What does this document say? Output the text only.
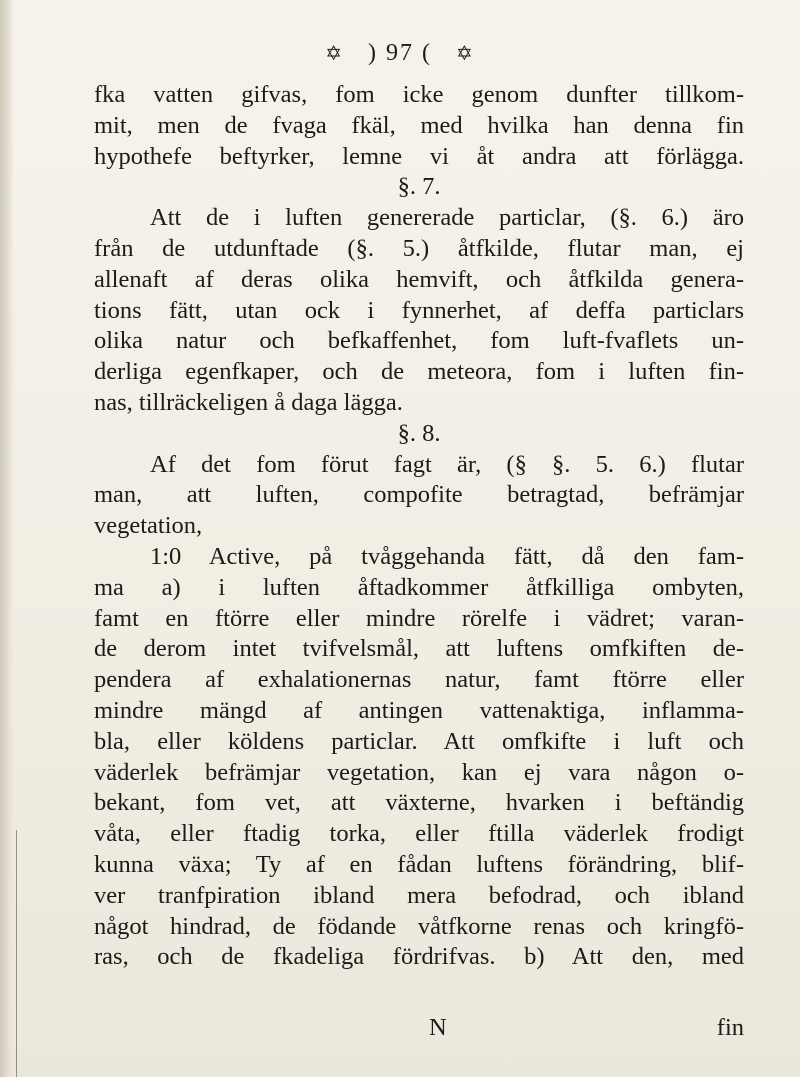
✡ ) 97 ( ✡
fka vatten gifvas, fom icke genom dunfter tillkom-
mit, men de fvaga fkäl, med hvilka han denna fin
hypothefe beftyrker, lemne vi åt andra att förlägga.
§. 7.
Att de i luften genererade particlar, (§. 6.) äro
från de utdunftade (§. 5.) åtfkilde, flutar man, ej
allenaft af deras olika hemvift, och åtfkilda genera-
tions fätt, utan ock i fynnerhet, af deffa particlars
olika natur och befkaffenhet, fom luft-fvaflets un-
derliga egenfkaper, och de meteora, fom i luften fin-
nas, tillräckeligen å daga lägga.
§. 8.
Af det fom förut fagt är, (§ §. 5. 6.) flutar
man, att luften, compofite betragtad, befrämjar
vegetation,
1:0 Active, på tvåggehanda fätt, då den fam-
ma a) i luften åftadkommer åtfkilliga ombyten,
famt en ftörre eller mindre rörelfe i vädret; varan-
de derom intet tvifvelsmål, att luftens omfkiften de-
pendera af exhalationernas natur, famt ftörre eller
mindre mängd af antingen vattenaktiga, inflamma-
bla, eller köldens particlar. Att omfkifte i luft och
väderlek befrämjar vegetation, kan ej vara någon o-
bekant, fom vet, att växterne, hvarken i beftändig
våta, eller ftadig torka, eller ftilla väderlek frodigt
kunna växa; Ty af en fådan luftens förändring, blif-
ver tranfpiration ibland mera befodrad, och ibland
något hindrad, de födande våtfkorne renas och kringfö-
ras, och de fkadeliga fördrifvas. b) Att den, med
N	fin
